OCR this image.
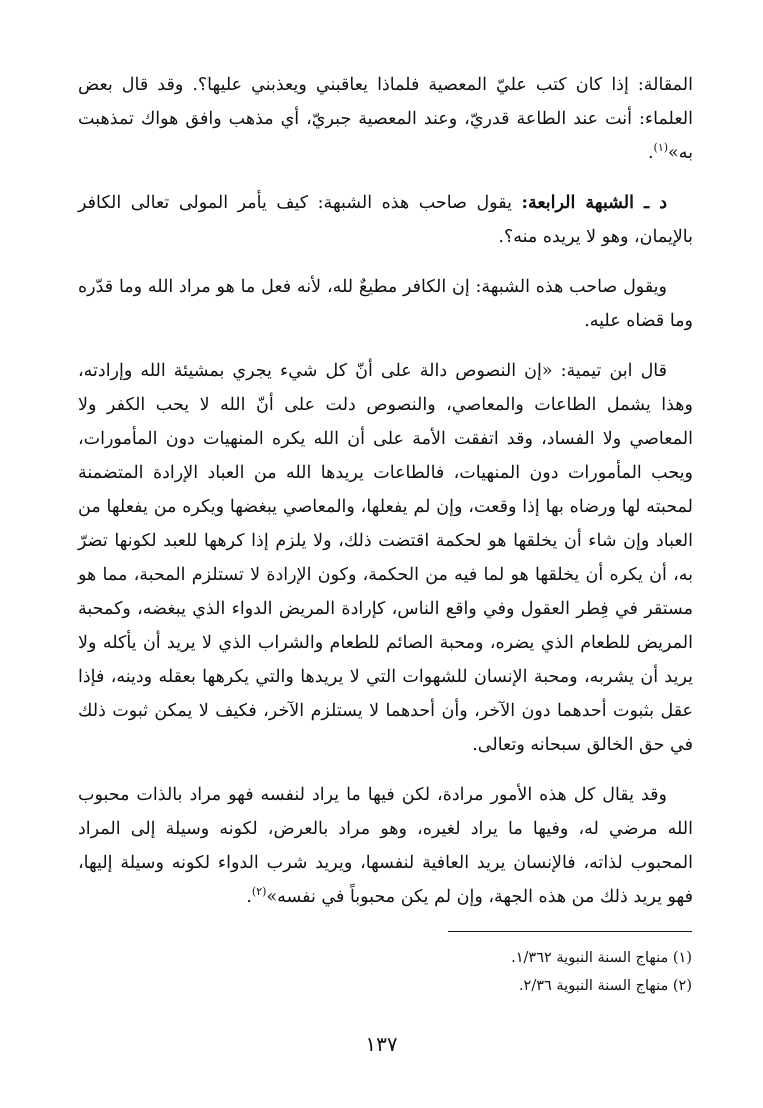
المقالة: إذا كان كتب عليّ المعصية فلماذا يعاقبني ويعذبني عليها؟. وقد قال بعض العلماء: أنت عند الطاعة قدريّ، وعند المعصية جبريّ، أي مذهب وافق هواك تمذهبت به»$^{(١)}$.

د ـ الشبهة الرابعة: يقول صاحب هذه الشبهة: كيف يأمر المولى تعالى الكافر بالإيمان، وهو لا يريده منه؟.

ويقول صاحب هذه الشبهة: إن الكافر مطيعٌ لله، لأنه فعل ما هو مراد الله وما قدّره وما قضاه عليه.

قال ابن تيمية: «إن النصوص دالة على أنّ كل شيء يجري بمشيئة الله وإرادته، وهذا يشمل الطاعات والمعاصي، والنصوص دلت على أنّ الله لا يحب الكفر ولا المعاصي ولا الفساد، وقد اتفقت الأمة على أن الله يكره المنهيات دون المأمورات، ويحب المأمورات دون المنهيات، فالطاعات يريدها الله من العباد الإرادة المتضمنة لمحبته لها ورضاه بها إذا وقعت، وإن لم يفعلها، والمعاصي يبغضها ويكره من يفعلها من العباد وإن شاء أن يخلقها هو لحكمة اقتضت ذلك، ولا يلزم إذا كرهها للعبد لكونها تضرّ به، أن يكره أن يخلقها هو لما فيه من الحكمة، وكون الإرادة لا تستلزم المحبة، مما هو مستقر في فِطر العقول وفي واقع الناس، كإرادة المريض الدواء الذي يبغضه، وكمحبة المريض للطعام الذي يضره، ومحبة الصائم للطعام والشراب الذي لا يريد أن يأكله ولا يريد أن يشربه، ومحبة الإنسان للشهوات التي لا يريدها والتي يكرهها بعقله ودينه، فإذا عقل بثبوت أحدهما دون الآخر، وأن أحدهما لا يستلزم الآخر، فكيف لا يمكن ثبوت ذلك في حق الخالق سبحانه وتعالى.

وقد يقال كل هذه الأمور مرادة، لكن فيها ما يراد لنفسه فهو مراد بالذات محبوب الله مرضي له، وفيها ما يراد لغيره، وهو مراد بالعرض، لكونه وسيلة إلى المراد المحبوب لذاته، فالإنسان يريد العافية لنفسها، ويريد شرب الدواء لكونه وسيلة إليها، فهو يريد ذلك من هذه الجهة، وإن لم يكن محبوباً في نفسه»$^{(٢)}$.

(١) منهاج السنة النبوية ١/٣٦٢.
(٢) منهاج السنة النبوية ٢/٣٦.
١٣٧
